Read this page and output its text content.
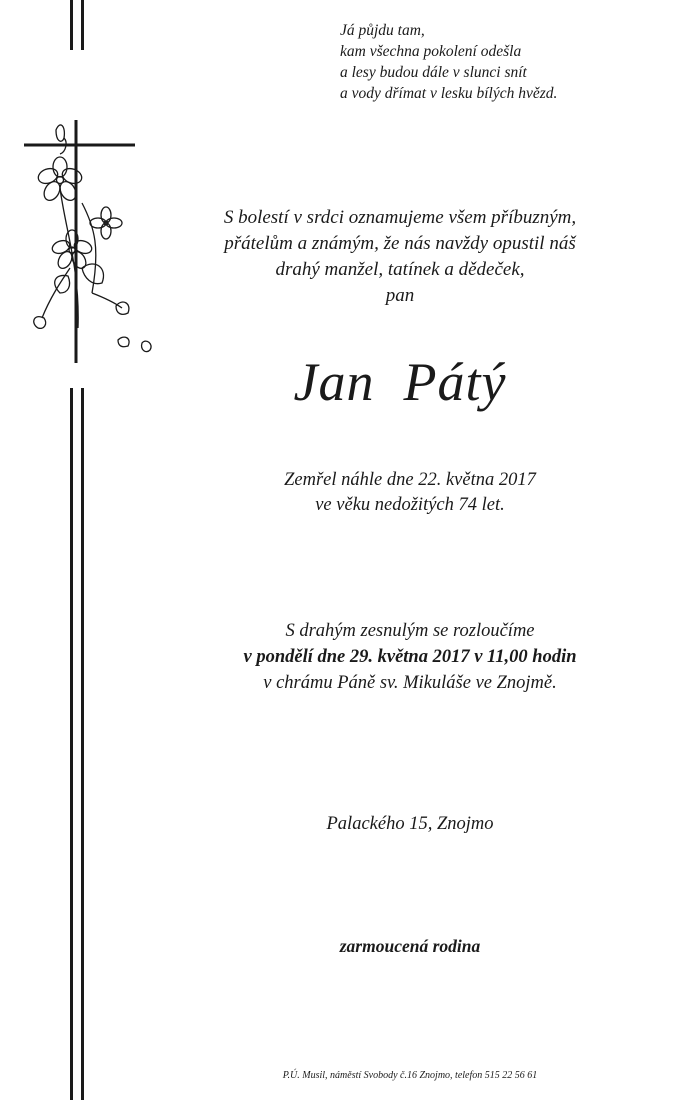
Já půjdu tam,
kam všechna pokolení odešla
a lesy budou dále v slunci snít
a vody dřímat v lesku bílých hvězd.
S bolestí v srdci oznamujeme všem příbuzným,
přátelům a známým, že nás navždy opustil náš
drahý manžel, tatínek a dědeček,
pan
Jan  Pátý
Zemřel náhle dne 22. května 2017
ve věku nedožitých 74 let.
S drahým zesnulým se rozloučíme
v pondělí dne 29. května 2017 v 11,00 hodin
v chrámu Páně sv. Mikuláše ve Znojmě.
Palackého 15, Znojmo
zarmoucená rodina
P.Ú. Musil, náměstí Svobody č.16 Znojmo, telefon 515 22 56 61
